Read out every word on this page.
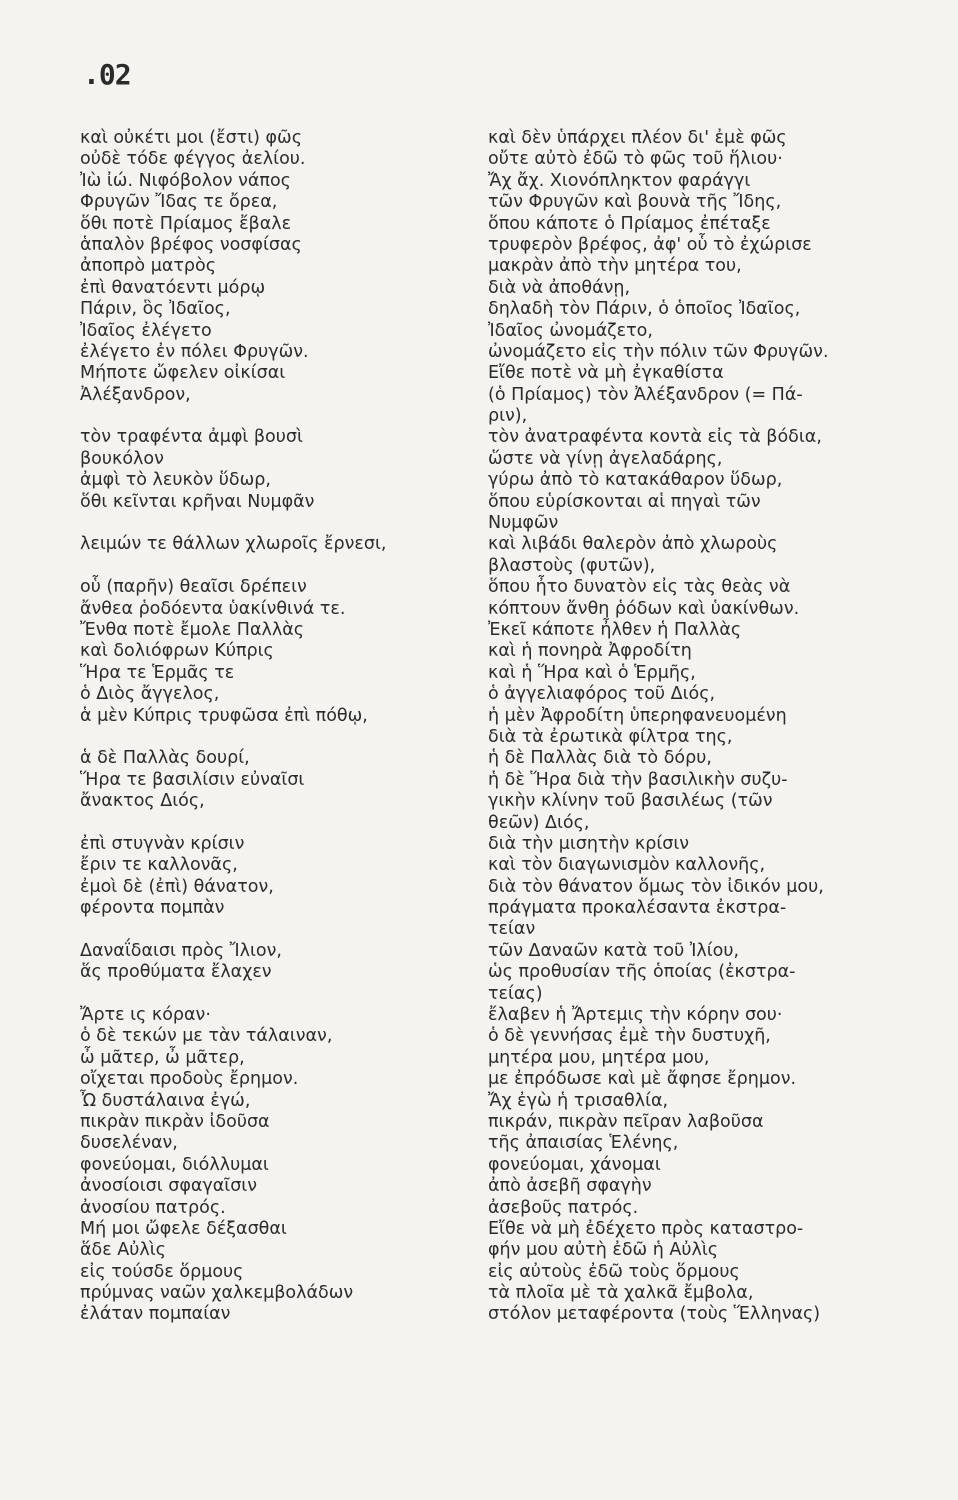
.02
καὶ οὐκέτι μοι (ἔστι) φῶς
οὐδὲ τόδε φέγγος ἀελίου.
Ἰὼ ἰώ. Νιφόβολον νάπος
Φρυγῶν Ἴδας τε ὄρεα,
ὅθι ποτὲ Πρίαμος ἔβαλε
ἁπαλὸν βρέφος νοσφίσας
ἀποπρὸ ματρὸς
ἐπὶ θανατόεντι μόρῳ
Πάριν, ὃς Ἰδαῖος,
Ἰδαῖος ἐλέγετο
ἐλέγετο ἐν πόλει Φρυγῶν.
Μήποτε ὤφελεν οἰκίσαι
Ἀλέξανδρον,
τὸν τραφέντα ἀμφὶ βουσὶ
βουκόλον
ἀμφὶ τὸ λευκὸν ὕδωρ,
ὅθι κεῖνται κρῆναι Νυμφᾶν
λειμών τε θάλλων χλωροῖς ἔρνεσι,
οὗ (παρῆν) θεαῖσι δρέπειν
ἄνθεα ῥοδόεντα ὑακίνθινά τε.
Ἔνθα ποτὲ ἔμολε Παλλὰς
καὶ δολιόφρων Κύπρις
Ἥρα τε Ἑρμᾶς τε
ὁ Διὸς ἄγγελος,
ἁ μὲν Κύπρις τρυφῶσα ἐπὶ πόθῳ,
ἁ δὲ Παλλὰς δουρί,
Ἥρα τε βασιλίσιν εὐναῖσι
ἄνακτος Διός,
ἐπὶ στυγνὰν κρίσιν
ἔριν τε καλλονᾶς,
ἐμοὶ δὲ (ἐπὶ) θάνατον,
φέροντα πομπὰν
Δαναΐδαισι πρὸς Ἴλιον,
ἅς προθύματα ἔλαχεν
Ἄρτε ις κόραν·
ὁ δὲ τεκών με τὰν τάλαιναν,
ὦ μᾶτερ, ὦ μᾶτερ,
οἴχεται προδοὺς ἔρημον.
Ὦ δυστάλαινα ἐγώ,
πικρὰν πικρὰν ἰδοῦσα
δυσελέναν,
φονεύομαι, διόλλυμαι
ἀνοσίοισι σφαγαῖσιν
ἀνοσίου πατρός.
Μή μοι ὤφελε δέξασθαι
ἅδε Αὐλὶς
εἰς τούσδε ὅρμους
πρύμνας ναῶν χαλκεμβολάδων
ἐλάταν πομπαίαν
καὶ δὲν ὑπάρχει πλέον δι' ἐμὲ φῶς
οὔτε αὐτὸ ἐδῶ τὸ φῶς τοῦ ἥλιου·
Ἄχ ἄχ. Χιονόπληκτον φαράγγι
τῶν Φρυγῶν καὶ βουνὰ τῆς Ἴδης,
ὅπου κάποτε ὁ Πρίαμος ἐπέταξε
τρυφερὸν βρέφος, ἀφ' οὗ τὸ ἐχώρισε
μακρὰν ἀπὸ τὴν μητέρα του,
διὰ νὰ ἀποθάνῃ,
δηλαδὴ τὸν Πάριν, ὁ ὁποῖος Ἰδαῖος,
Ἰδαῖος ὠνομάζετο,
ὠνομάζετο εἰς τὴν πόλιν τῶν Φρυγῶν.
Εἴθε ποτὲ νὰ μὴ ἐγκαθίστα
(ὁ Πρίαμος) τὸν Ἀλέξανδρον (= Πά-
ριν),
τὸν ἀνατραφέντα κοντὰ εἰς τὰ βόδια,
ὥστε νὰ γίνῃ ἀγελαδάρης,
γύρω ἀπὸ τὸ κατακάθαρον ὕδωρ,
ὅπου εὑρίσκονται αἱ πηγαὶ τῶν
Νυμφῶν
καὶ λιβάδι θαλερὸν ἀπὸ χλωροὺς
βλαστοὺς (φυτῶν),
ὅπου ἦτο δυνατὸν εἰς τὰς θεὰς νὰ
κόπτουν ἄνθη ῥόδων καὶ ὑακίνθων.
Ἐκεῖ κάποτε ἦλθεν ἡ Παλλὰς
καὶ ἡ πονηρὰ Ἀφροδίτη
καὶ ἡ Ἥρα καὶ ὁ Ἑρμῆς,
ὁ ἀγγελιαφόρος τοῦ Διός,
ἡ μὲν Ἀφροδίτη ὑπερηφανευομένη
διὰ τὰ ἐρωτικὰ φίλτρα της,
ἡ δὲ Παλλὰς διὰ τὸ δόρυ,
ἡ δὲ Ἥρα διὰ τὴν βασιλικὴν συζυ-
γικὴν κλίνην τοῦ βασιλέως (τῶν
θεῶν) Διός,
διὰ τὴν μισητὴν κρίσιν
καὶ τὸν διαγωνισμὸν καλλονῆς,
διὰ τὸν θάνατον ὅμως τὸν ἰδικόν μου,
πράγματα προκαλέσαντα ἐκστρα-
τείαν
τῶν Δαναῶν κατὰ τοῦ Ἰλίου,
ὡς προθυσίαν τῆς ὁποίας (ἐκστρα-
τείας)
ἔλαβεν ἡ Ἄρτεμις τὴν κόρην σου·
ὁ δὲ γεννήσας ἐμὲ τὴν δυστυχῆ,
μητέρα μου, μητέρα μου,
με ἐπρόδωσε καὶ μὲ ἄφησε ἔρημον.
Ἄχ ἐγὼ ἡ τρισαθλία,
πικράν, πικρὰν πεῖραν λαβοῦσα
τῆς ἀπαισίας Ἑλένης,
φονεύομαι, χάνομαι
ἀπὸ ἀσεβῆ σφαγὴν
ἀσεβοῦς πατρός.
Εἴθε νὰ μὴ ἐδέχετο πρὸς καταστρο-
φήν μου αὐτὴ ἐδῶ ἡ Αὐλὶς
εἰς αὐτοὺς ἐδῶ τοὺς ὅρμους
τὰ πλοῖα μὲ τὰ χαλκᾶ ἔμβολα,
στόλον μεταφέροντα (τοὺς Ἕλληνας)
